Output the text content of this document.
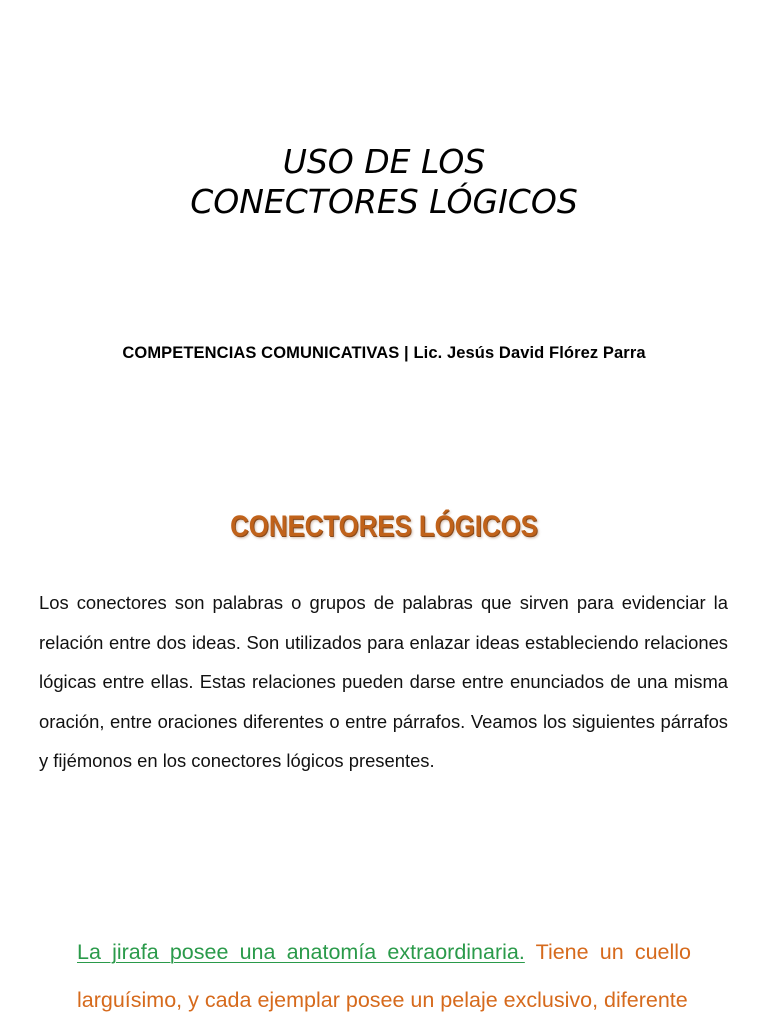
USO DE LOS
CONECTORES LÓGICOS
COMPETENCIAS COMUNICATIVAS | Lic. Jesús David Flórez Parra
CONECTORES LÓGICOS

Los conectores son palabras o grupos de palabras que sirven para evidenciar la relación entre dos ideas. Son utilizados para enlazar ideas estableciendo relaciones lógicas entre ellas. Estas relaciones pueden darse entre enunciados de una misma oración, entre oraciones diferentes o entre párrafos. Veamos los siguientes párrafos y fijémonos en los conectores lógicos presentes.

La jirafa posee una anatomía extraordinaria. Tiene un cuello larguísimo, y cada ejemplar posee un pelaje exclusivo, diferente
